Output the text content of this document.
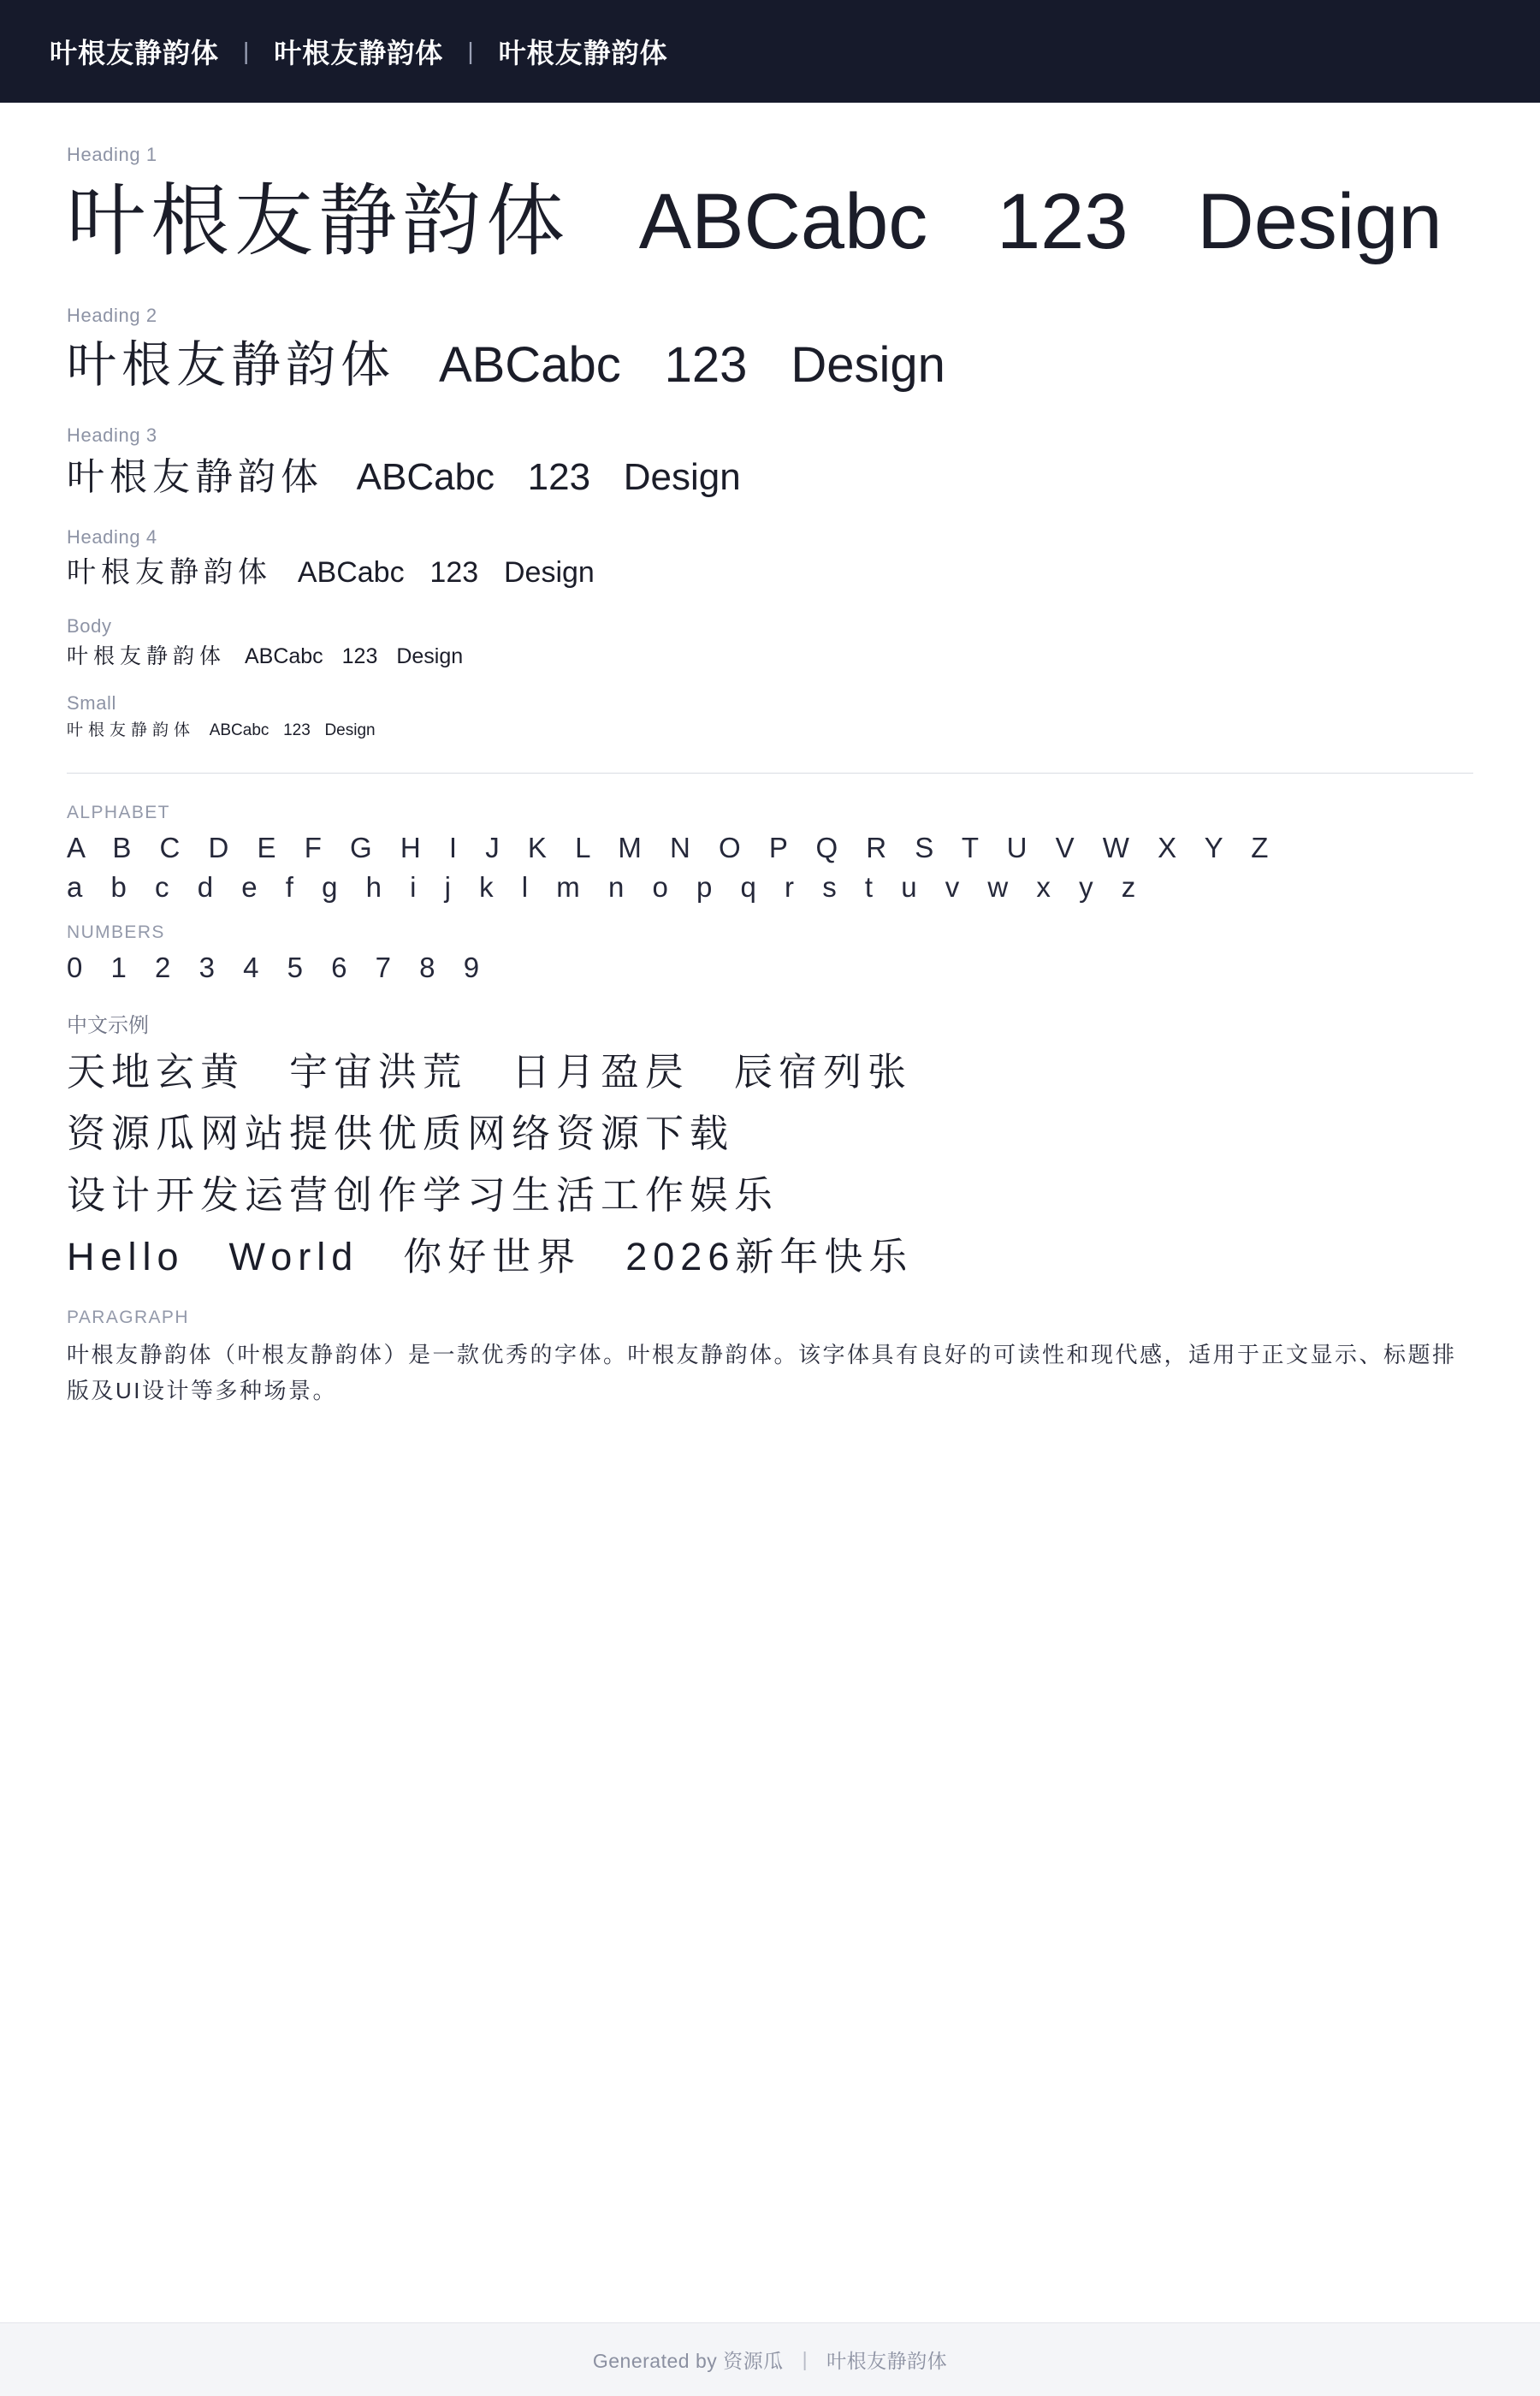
叶根友静韵体 | 叶根友静韵体 | 叶根友静韵体

Heading 1

叶根友静韵体 ABCabc 123 Design

Heading 2

叶根友静韵体 ABCabc 123 Design

Heading 3

叶根友静韵体 ABCabc 123 Design

Heading 4

叶根友静韵体 ABCabc 123 Design

Body

叶根友静韵体 ABCabc 123 Design

Small

叶根友静韵体 ABCabc 123 Design

ALPHABET

A B C D E F G H I J K L M N O P Q R S T U V W X Y Z

a b c d e f g h i j k l m n o p q r s t u v w x y z

NUMBERS

0 1 2 3 4 5 6 7 8 9

中文示例

天地玄黄　宇宙洪荒　日月盈昃　辰宿列张

资源瓜网站提供优质网络资源下载

设计开发运营创作学习生活工作娱乐

Hello　World　你好世界　2026新年快乐

PARAGRAPH

叶根友静韵体（叶根友静韵体）是一款优秀的字体。叶根友静韵体。该字体具有良好的可读性和现代感，适用于正文显示、标题排版及UI设计等多种场景。

Generated by 资源瓜 | 叶根友静韵体
